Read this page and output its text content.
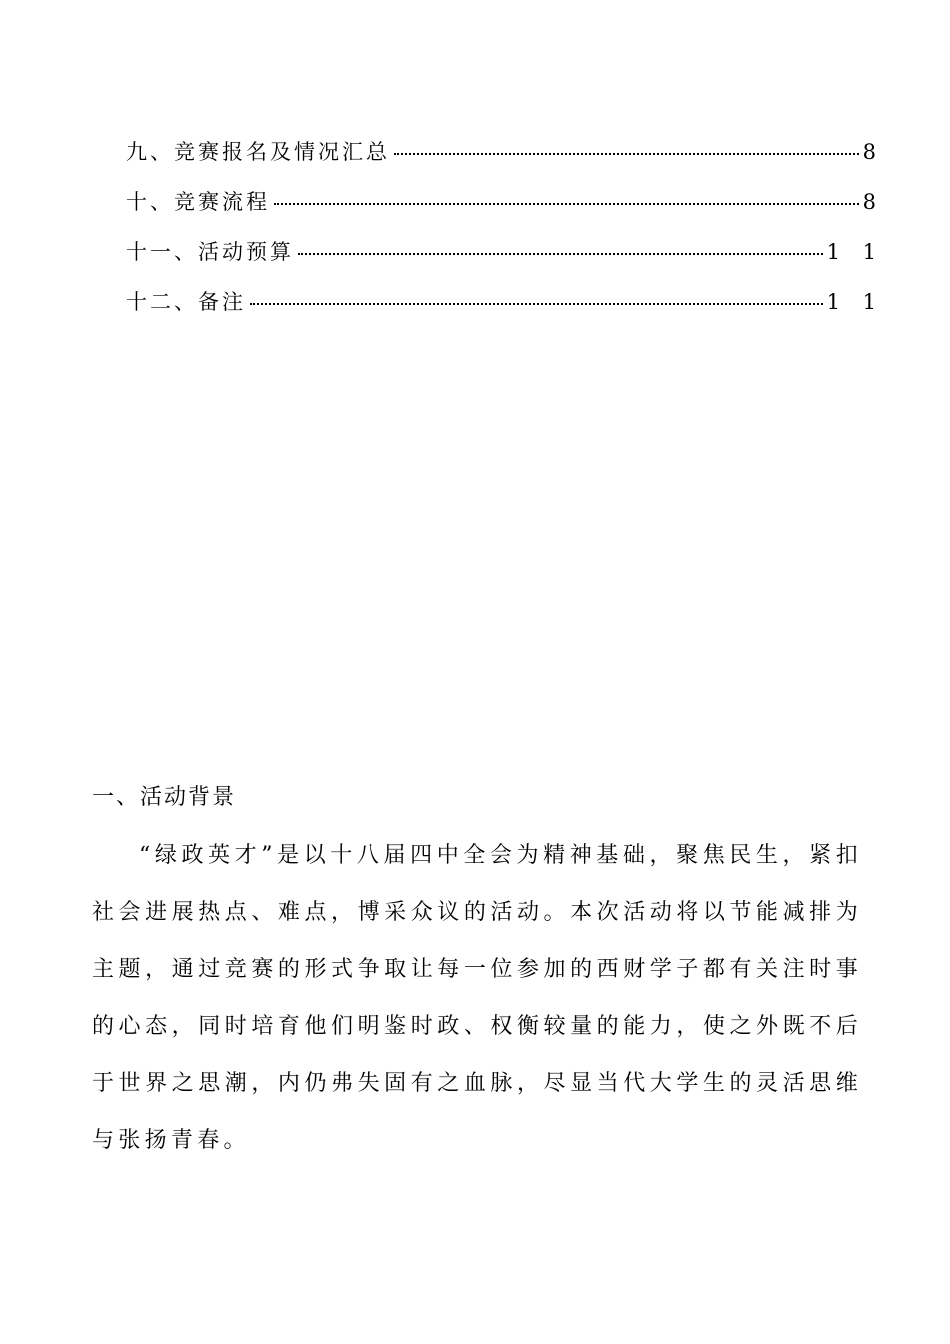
九、竞赛报名及情况汇总	8
十、竞赛流程	8
十一、活动预算	1 1
十二、备注	1 1
一、活动背景

“绿政英才”是以十八届四中全会为精神基础，聚焦民生，紧扣社会进展热点、难点，博采众议的活动。本次活动将以节能减排为主题，通过竞赛的形式争取让每一位参加的西财学子都有关注时事的心态，同时培育他们明鉴时政、权衡较量的能力，使之外既不后于世界之思潮，内仍弗失固有之血脉，尽显当代大学生的灵活思维与张扬青春。
